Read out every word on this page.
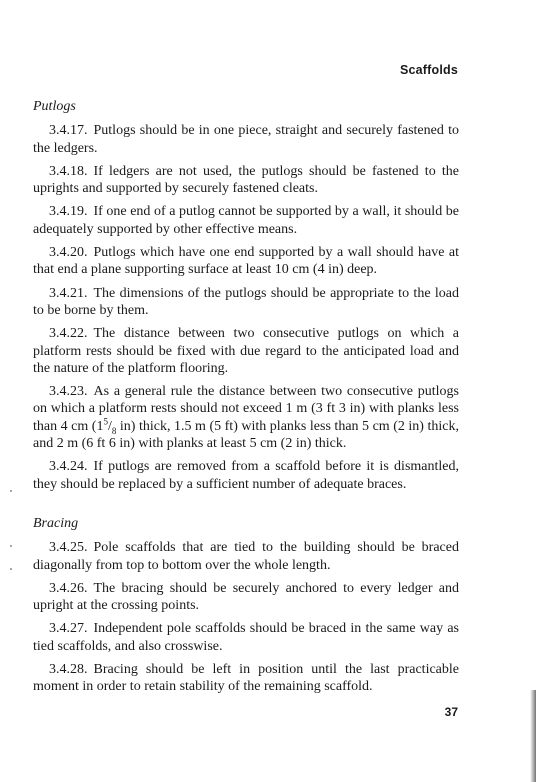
Scaffolds
Putlogs

3.4.17. Putlogs should be in one piece, straight and securely fastened to the ledgers.

3.4.18. If ledgers are not used, the putlogs should be fastened to the uprights and supported by securely fastened cleats.

3.4.19. If one end of a putlog cannot be supported by a wall, it should be adequately supported by other effective means.

3.4.20. Putlogs which have one end supported by a wall should have at that end a plane supporting surface at least 10 cm (4 in) deep.

3.4.21. The dimensions of the putlogs should be appropriate to the load to be borne by them.

3.4.22. The distance between two consecutive putlogs on which a platform rests should be fixed with due regard to the anticipated load and the nature of the platform flooring.

3.4.23. As a general rule the distance between two consecutive putlogs on which a platform rests should not exceed 1 m (3 ft 3 in) with planks less than 4 cm ($1^5/_8$ in) thick, 1.5 m (5 ft) with planks less than 5 cm (2 in) thick, and 2 m (6 ft 6 in) with planks at least 5 cm (2 in) thick.

3.4.24. If putlogs are removed from a scaffold before it is dismantled, they should be replaced by a sufficient number of adequate braces.

Bracing

3.4.25. Pole scaffolds that are tied to the building should be braced diagonally from top to bottom over the whole length.

3.4.26. The bracing should be securely anchored to every ledger and upright at the crossing points.

3.4.27. Independent pole scaffolds should be braced in the same way as tied scaffolds, and also crosswise.

3.4.28. Bracing should be left in position until the last practicable moment in order to retain stability of the remaining scaffold.

37
